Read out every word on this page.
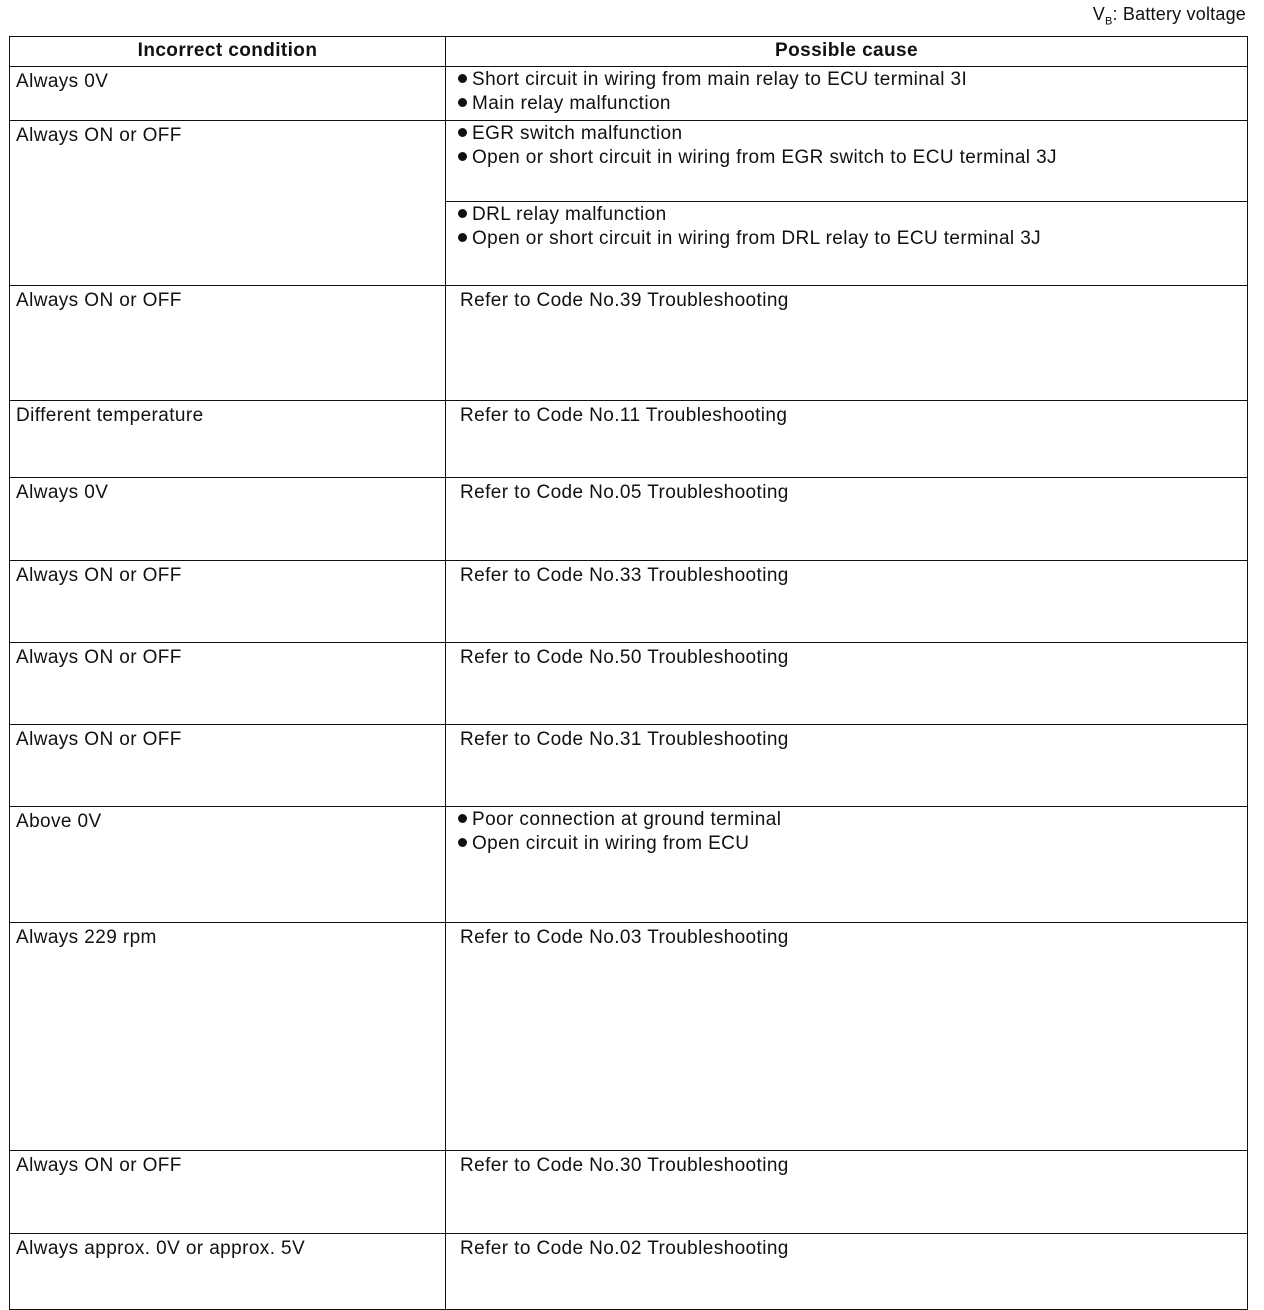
$V_B$: Battery voltage
Incorrect condition	Possible cause
Always 0V	Short circuit in wiring from main relay to ECU terminal 3I
Main relay malfunction

Always ON or OFF	EGR switch malfunction
Open or short circuit in wiring from EGR switch to ECU terminal 3J
DRL relay malfunction
Open or short circuit in wiring from DRL relay to ECU terminal 3J

Always ON or OFF	Refer to Code No.39 Troubleshooting
Different temperature	Refer to Code No.11 Troubleshooting
Always 0V	Refer to Code No.05 Troubleshooting
Always ON or OFF	Refer to Code No.33 Troubleshooting
Always ON or OFF	Refer to Code No.50 Troubleshooting
Always ON or OFF	Refer to Code No.31 Troubleshooting
Above 0V	Poor connection at ground terminal
Open circuit in wiring from ECU

Always 229 rpm	Refer to Code No.03 Troubleshooting
Always ON or OFF	Refer to Code No.30 Troubleshooting
Always approx. 0V or approx. 5V	Refer to Code No.02 Troubleshooting
